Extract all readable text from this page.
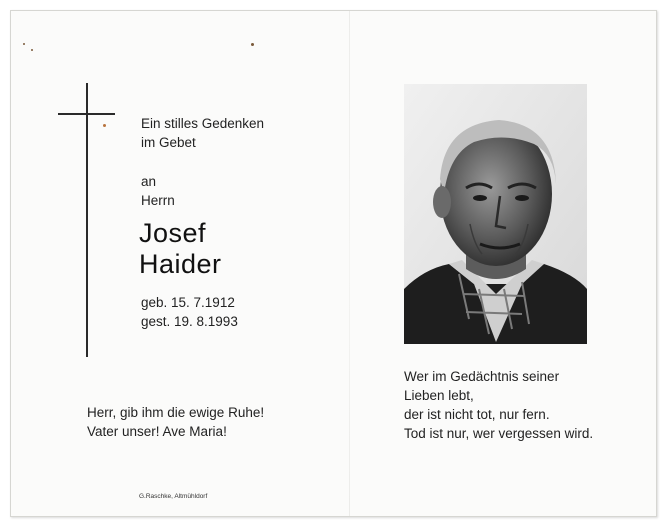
Ein stilles Gedenken
im Gebet
an
Herrn
Josef
Haider
geb. 15. 7.1912
gest. 19. 8.1993
Herr, gib ihm die ewige Ruhe!
Vater unser! Ave Maria!
G.Raschke, Altmühldorf
Wer im Gedächtnis seiner
Lieben lebt,
der ist nicht tot, nur fern.
Tod ist nur, wer vergessen wird.
